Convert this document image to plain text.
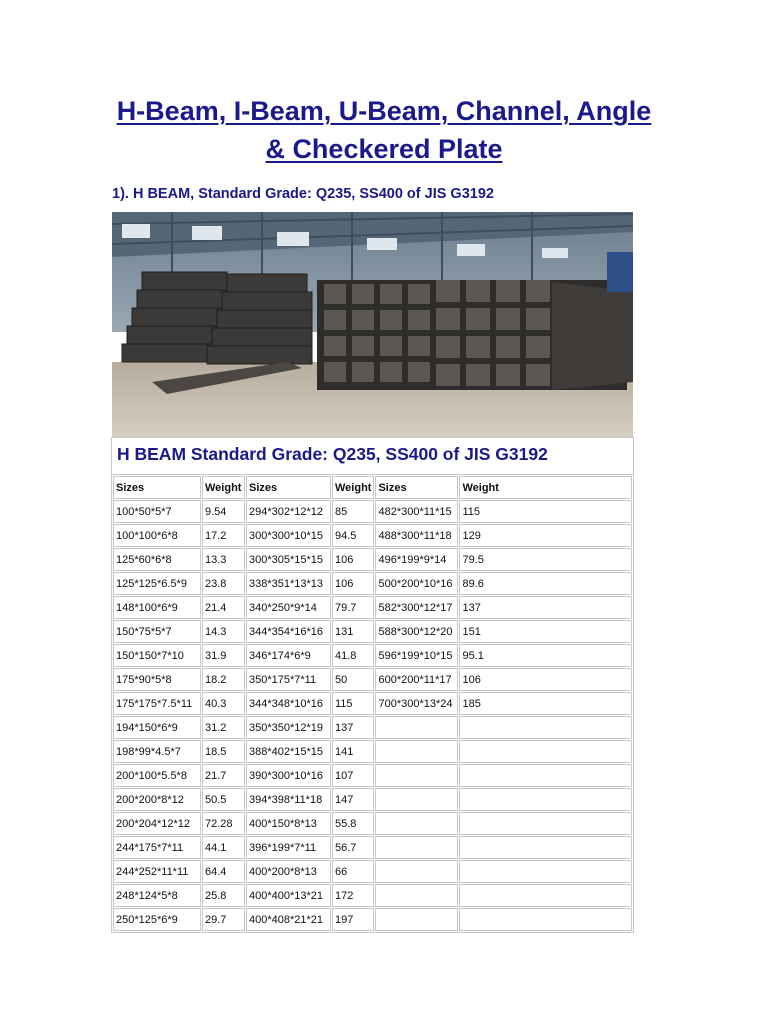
H-Beam, I-Beam, U-Beam, Channel, Angle
& Checkered Plate
1). H BEAM, Standard Grade: Q235, SS400 of JIS G3192
H BEAM Standard Grade: Q235, SS400 of JIS G3192
Sizes	Weight	Sizes	Weight	Sizes	Weight
100*50*5*7	9.54	294*302*12*12	85	482*300*11*15	115
100*100*6*8	17.2	300*300*10*15	94.5	488*300*11*18	129
125*60*6*8	13.3	300*305*15*15	106	496*199*9*14	79.5
125*125*6.5*9	23.8	338*351*13*13	106	500*200*10*16	89.6
148*100*6*9	21.4	340*250*9*14	79.7	582*300*12*17	137
150*75*5*7	14.3	344*354*16*16	131	588*300*12*20	151
150*150*7*10	31.9	346*174*6*9	41.8	596*199*10*15	95.1
175*90*5*8	18.2	350*175*7*11	50	600*200*11*17	106
175*175*7.5*11	40.3	344*348*10*16	115	700*300*13*24	185
194*150*6*9	31.2	350*350*12*19	137		
198*99*4.5*7	18.5	388*402*15*15	141		
200*100*5.5*8	21.7	390*300*10*16	107		
200*200*8*12	50.5	394*398*11*18	147		
200*204*12*12	72.28	400*150*8*13	55.8		
244*175*7*11	44.1	396*199*7*11	56.7		
244*252*11*11	64.4	400*200*8*13	66		
248*124*5*8	25.8	400*400*13*21	172		
250*125*6*9	29.7	400*408*21*21	197		
